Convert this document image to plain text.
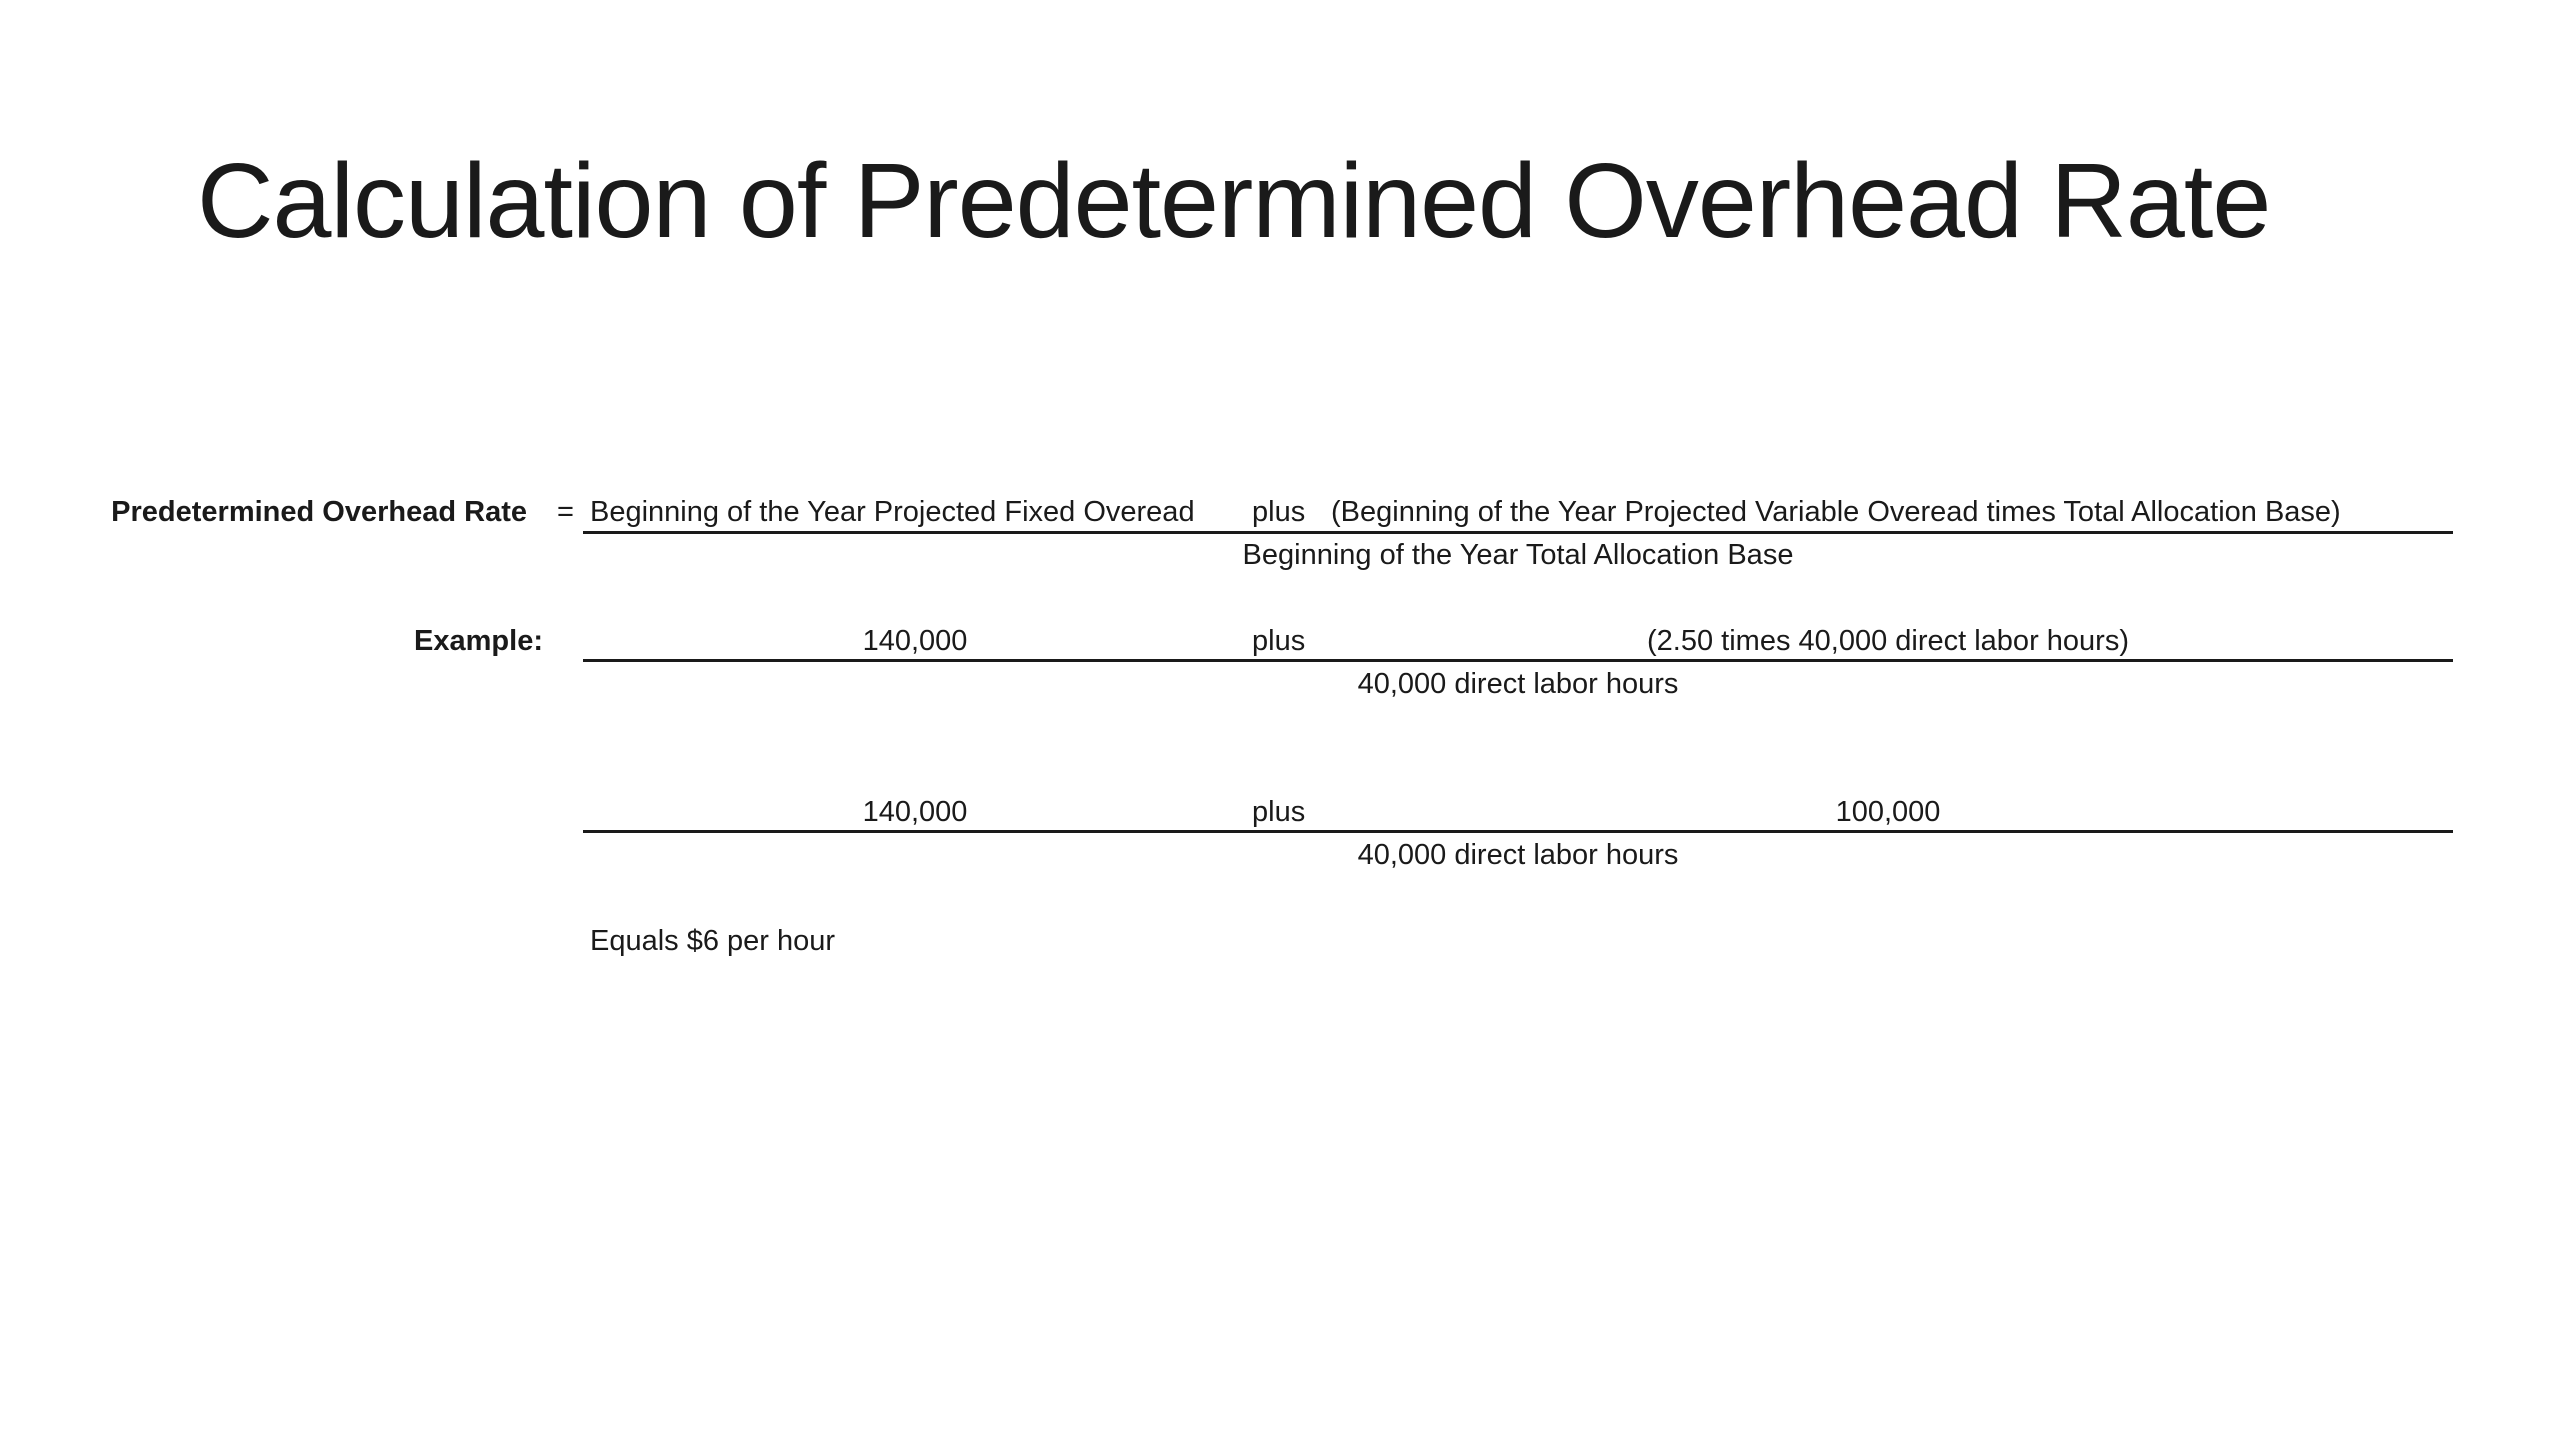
Calculation of Predetermined Overhead Rate
Predetermined Overhead Rate = Beginning of the Year Projected Fixed Overead plus (Beginning of the Year Projected Variable Overead times Total Allocation Base)
Beginning of the Year Total Allocation Base
Example:	140,000	plus	(2.50 times 40,000 direct labor hours)
40,000 direct labor hours
140,000	plus	100,000
40,000 direct labor hours
Equals $6 per hour
